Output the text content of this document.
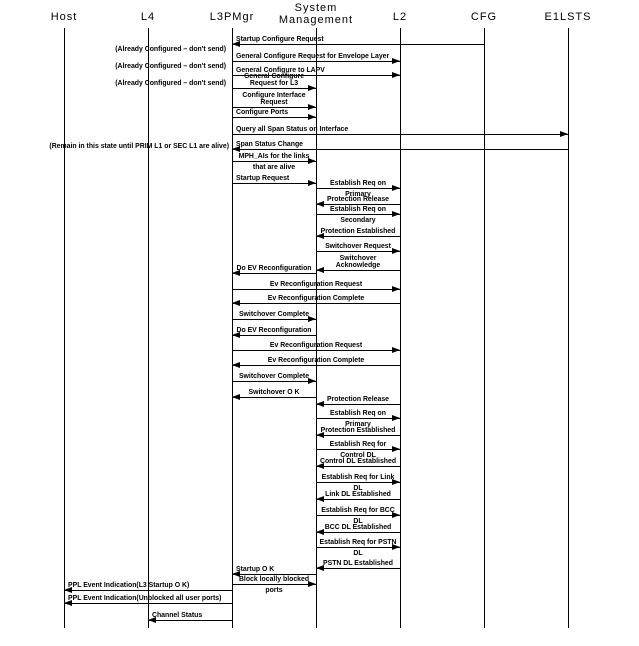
Host	L4	L3PMgr
System
Management	L2	CFG	E1LSTS
Startup Configure Request
General Configure Request for Envelope Layer
General Configure to LAPV
General Configure
Request for L3
Configure Interface
Request
Configure Ports
Query all Span Status on Interface
Span Status Change
MPH_AIs for the links
that are alive
Startup Request
Establish Req on
Primary
Protection Release
Establish Req on
Secondary
Protection Established
Switchover Request
Switchover
Acknowledge
Do EV Reconfiguration
Ev Reconfiguration Request
Ev Reconfiguration Complete
Switchover Complete
Do EV Reconfiguration
Ev Reconfiguration Request
Ev Reconfiguration Complete
Switchover Complete
Switchover O K
Protection Release
Establish Req on
Primary
Protection Established
Establish Req for
Control DL
Control DL Established
Establish Req for Link
DL
Link DL Established
Establish Req for BCC
DL
BCC DL Established
Establish Req for PSTN
DL
PSTN DL Established
Startup O K
Block locally blocked
ports
PPL Event Indication(L3 Startup O K)
PPL Event Indication(Unblocked all user ports)
Channel Status
(Already Configured – don't send)
(Already Configured – don't send)
(Already Configured – don't send)
(Remain in this state until PRIM L1 or SEC L1 are alive)
